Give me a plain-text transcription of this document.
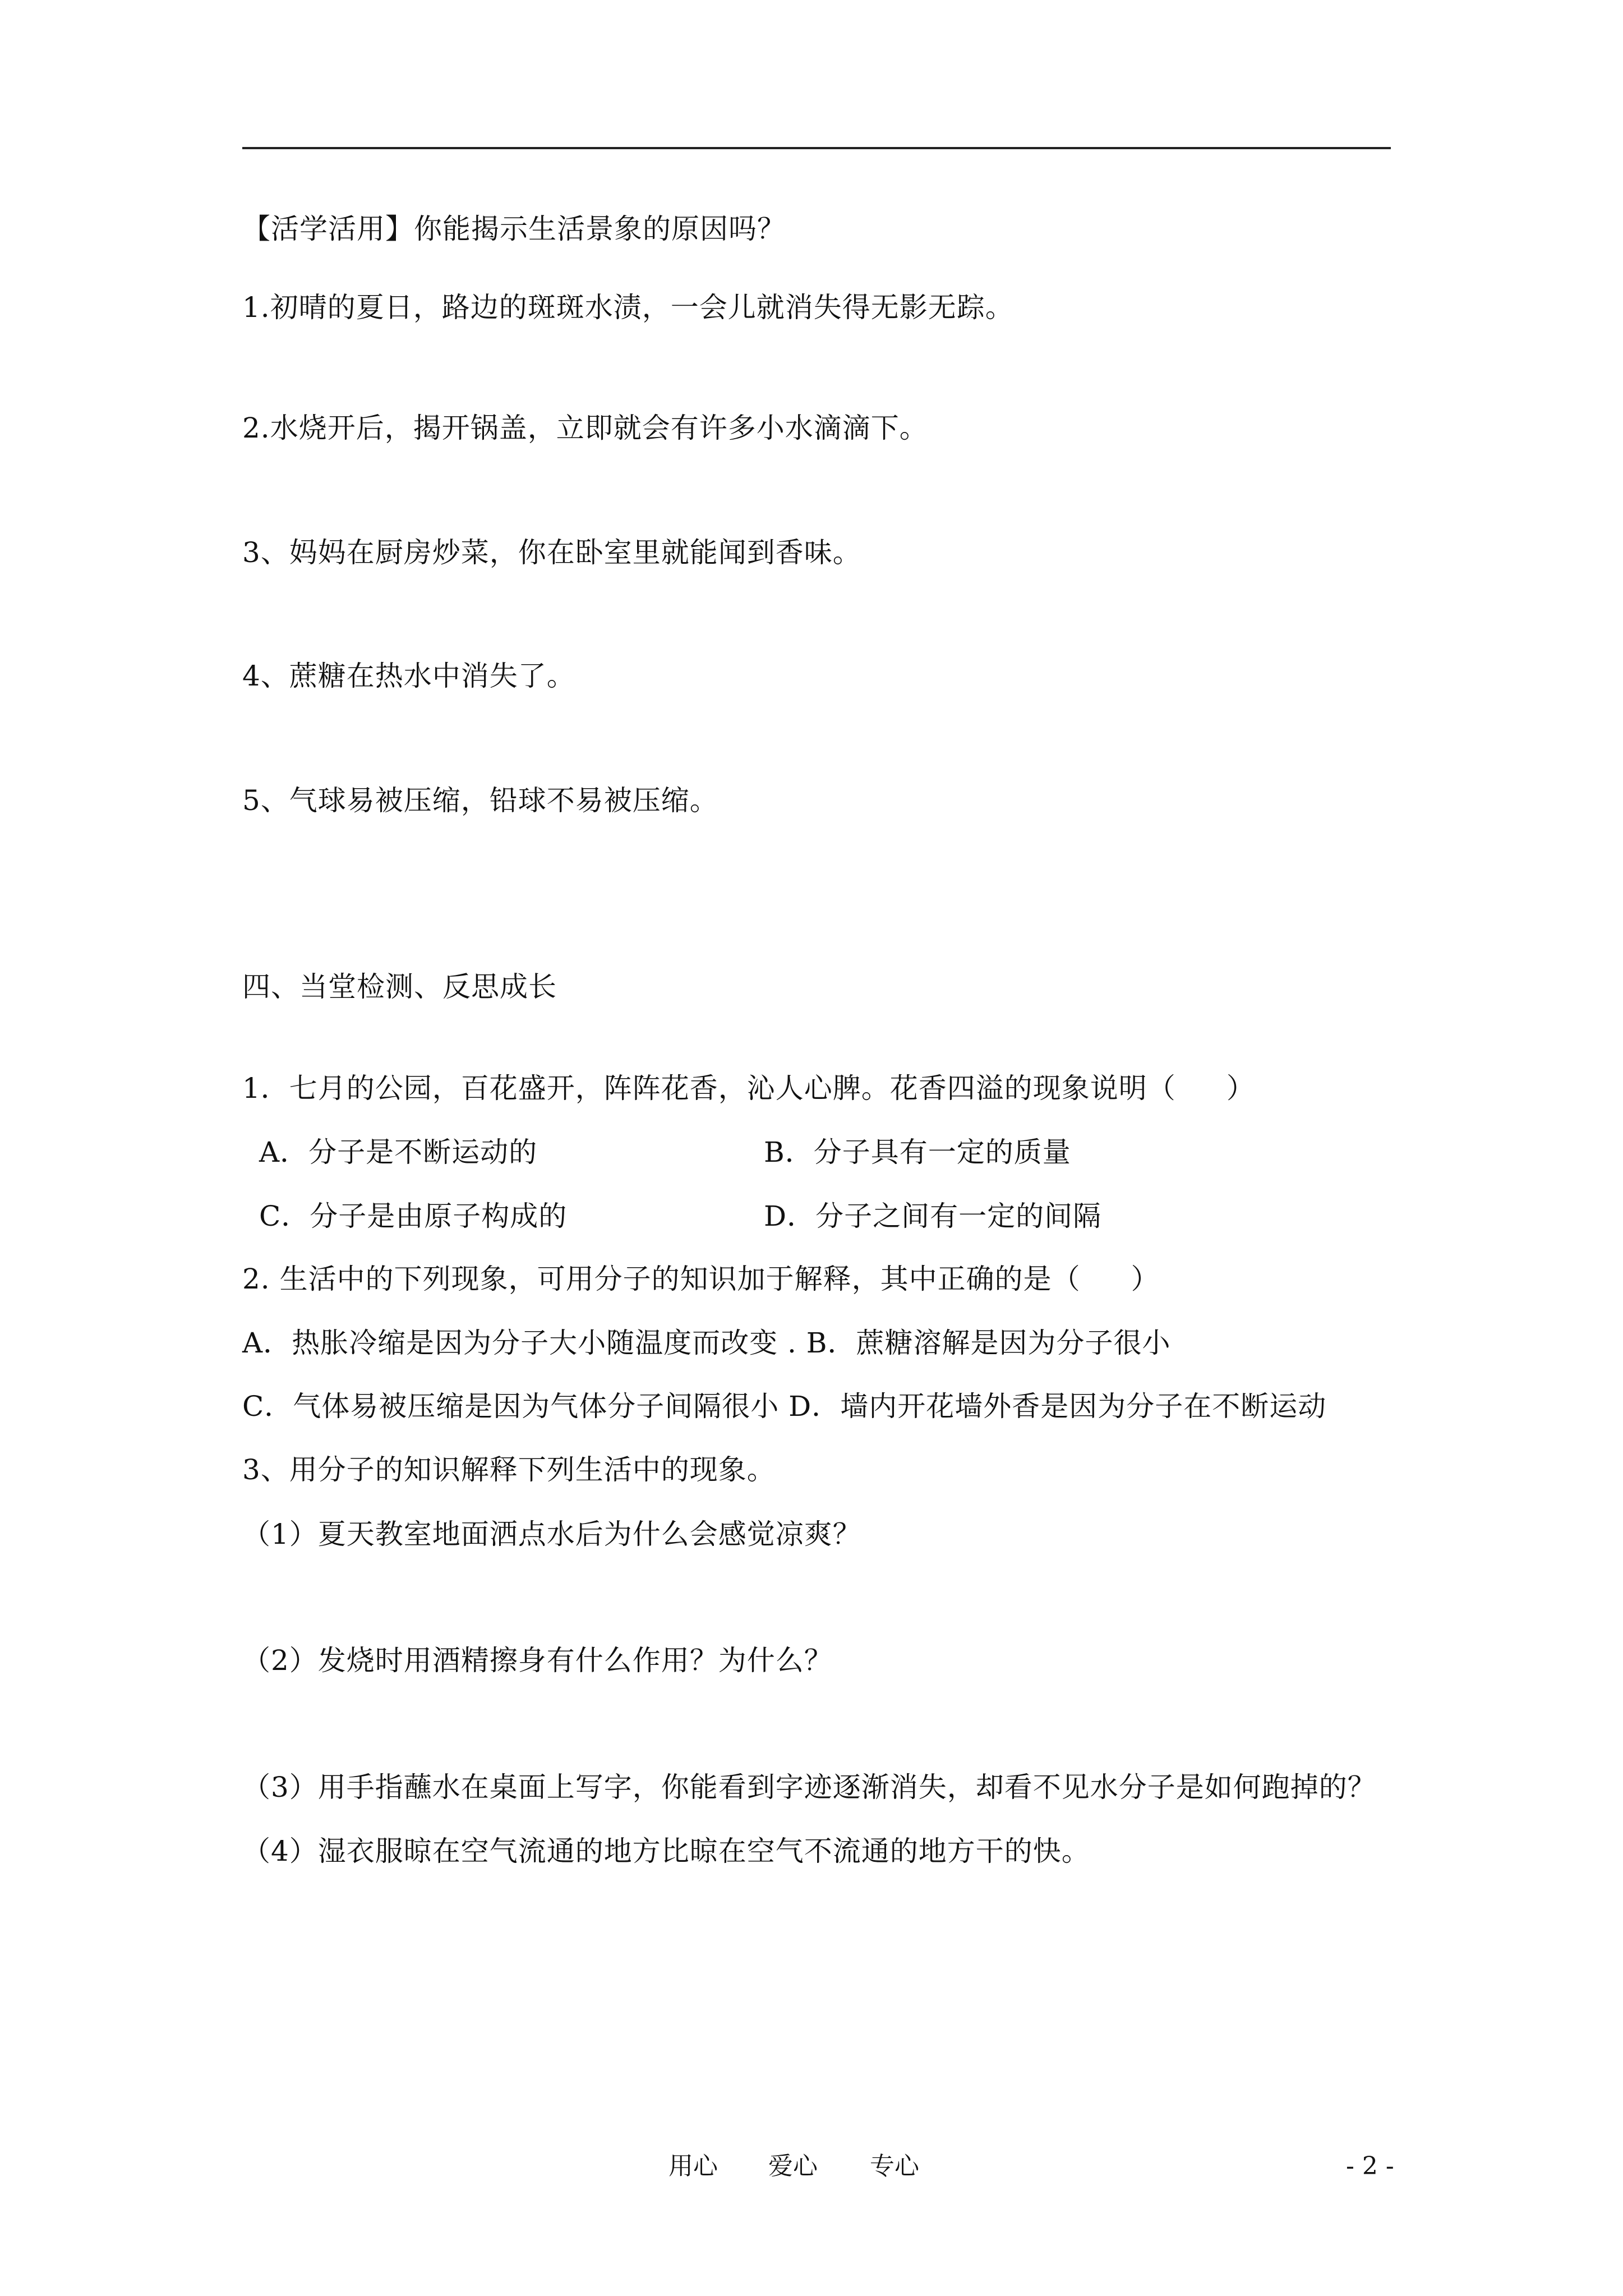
【活学活用】你能揭示生活景象的原因吗？
1.初晴的夏日，路边的斑斑水渍，一会儿就消失得无影无踪。
2.水烧开后，揭开锅盖，立即就会有许多小水滴滴下。
3、妈妈在厨房炒菜，你在卧室里就能闻到香味。
4、蔗糖在热水中消失了。
5、气球易被压缩，铅球不易被压缩。
四、当堂检测、反思成长
1．七月的公园，百花盛开，阵阵花香，沁人心脾。花香四溢的现象说明（ ）
A．分子是不断运动的	B．分子具有一定的质量
C．分子是由原子构成的	D．分子之间有一定的间隔
2. 生活中的下列现象，可用分子的知识加于解释，其中正确的是（ ）
A．热胀冷缩是因为分子大小随温度而改变 . B．蔗糖溶解是因为分子很小
C．气体易被压缩是因为气体分子间隔很小 D．墙内开花墙外香是因为分子在不断运动
3、用分子的知识解释下列生活中的现象。
（1）夏天教室地面洒点水后为什么会感觉凉爽？
（2）发烧时用酒精擦身有什么作用？为什么？
（3）用手指蘸水在桌面上写字，你能看到字迹逐渐消失，却看不见水分子是如何跑掉的？
（4）湿衣服晾在空气流通的地方比晾在空气不流通的地方干的快。
用心 爱心 专心	- 2 -
